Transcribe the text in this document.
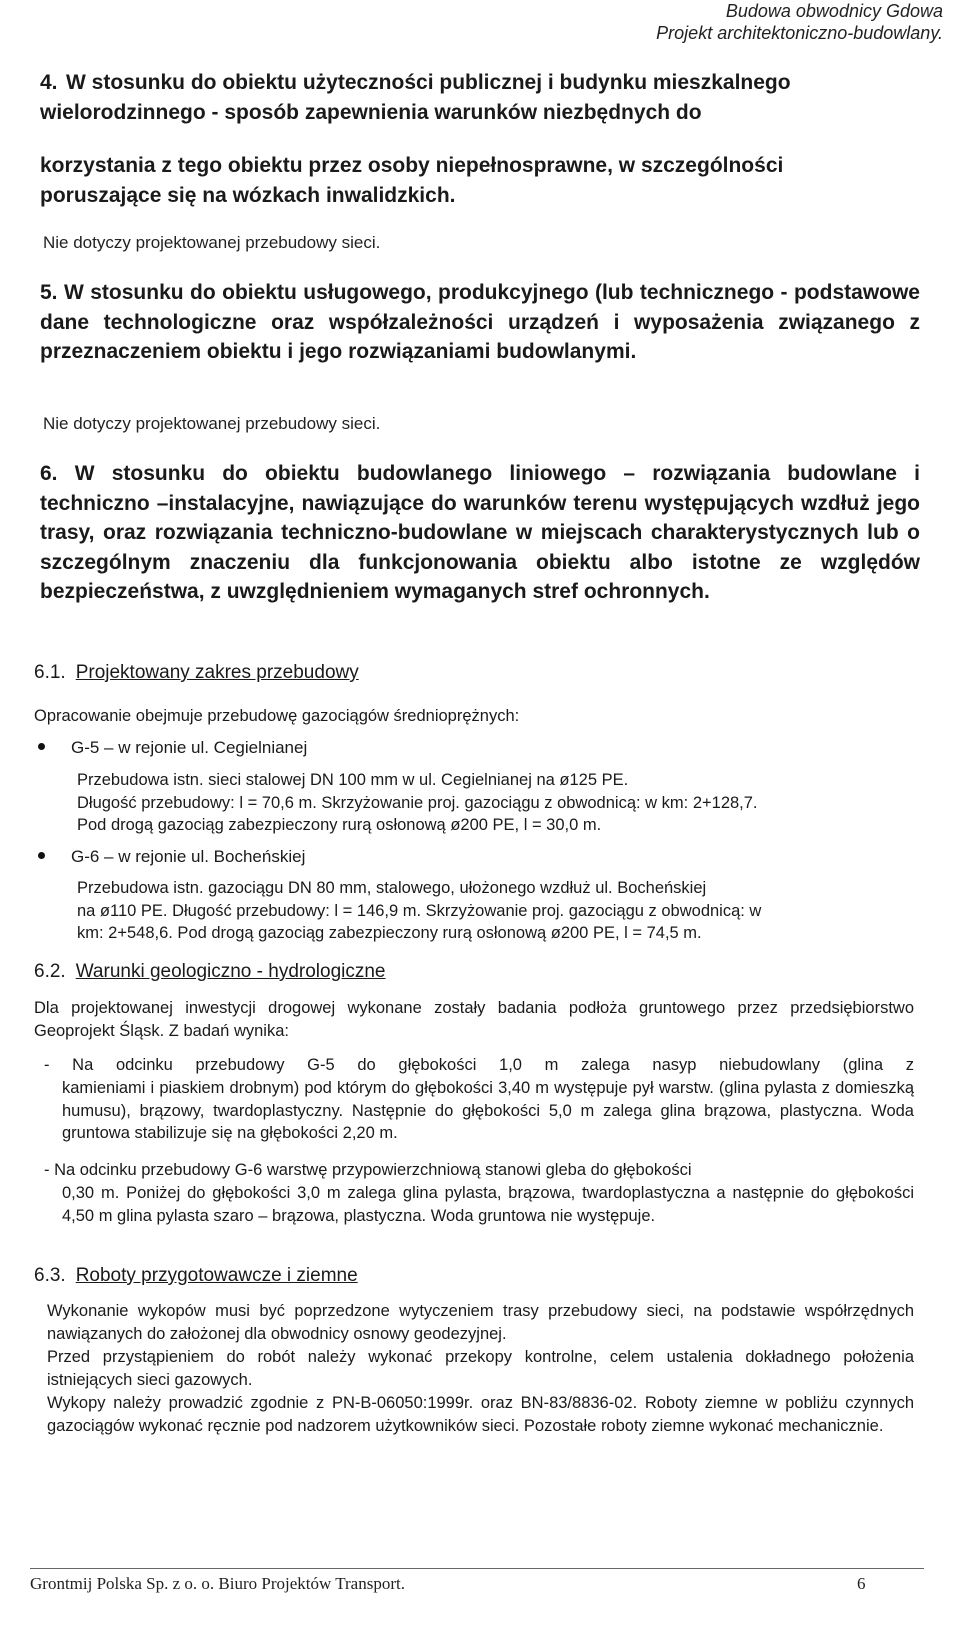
Budowa obwodnicy Gdowa
Projekt architektoniczno-budowlany.
4. W stosunku do obiektu użyteczności publicznej i budynku mieszkalnego
wielorodzinnego - sposób zapewnienia warunków niezbędnych do
korzystania z tego obiektu przez osoby niepełnosprawne, w szczególności
poruszające się na wózkach inwalidzkich.
Nie dotyczy projektowanej przebudowy sieci.
5. W stosunku do obiektu usługowego, produkcyjnego (lub technicznego - podstawowe dane technologiczne oraz współzależności urządzeń i wyposażenia związanego z przeznaczeniem obiektu i jego rozwiązaniami budowlanymi.
Nie dotyczy projektowanej przebudowy sieci.
6. W stosunku do obiektu budowlanego liniowego – rozwiązania budowlane i techniczno –instalacyjne, nawiązujące do warunków terenu występujących wzdłuż jego trasy, oraz rozwiązania techniczno-budowlane w miejscach charakterystycznych lub o szczególnym znaczeniu dla funkcjonowania obiektu albo istotne ze względów bezpieczeństwa, z uwzględnieniem wymaganych stref ochronnych.
6.1. Projektowany zakres przebudowy
Opracowanie obejmuje przebudowę gazociągów średnioprężnych:
G-5 – w rejonie ul. Cegielnianej
Przebudowa istn. sieci stalowej DN 100 mm w ul. Cegielnianej na ø125 PE.
Długość przebudowy: l = 70,6 m. Skrzyżowanie proj. gazociągu z obwodnicą: w km: 2+128,7.
Pod drogą gazociąg zabezpieczony rurą osłonową ø200 PE, l = 30,0 m.
G-6 – w rejonie ul. Bocheńskiej
Przebudowa istn. gazociągu DN 80 mm, stalowego, ułożonego wzdłuż ul. Bocheńskiej
na ø110 PE. Długość przebudowy: l = 146,9 m. Skrzyżowanie proj. gazociągu z obwodnicą: w
km: 2+548,6. Pod drogą gazociąg zabezpieczony rurą osłonową ø200 PE, l = 74,5 m.
6.2. Warunki geologiczno - hydrologiczne
Dla projektowanej inwestycji drogowej wykonane zostały badania podłoża gruntowego przez przedsiębiorstwo Geoprojekt Śląsk. Z badań wynika:
- Na odcinku przebudowy G-5 do głębokości 1,0 m zalega nasyp niebudowlany (glina z
kamieniami i piaskiem drobnym) pod którym do głębokości 3,40 m występuje pył warstw. (glina pylasta z domieszką humusu), brązowy, twardoplastyczny. Następnie do głębokości 5,0 m zalega glina brązowa, plastyczna. Woda gruntowa stabilizuje się na głębokości 2,20 m.
- Na odcinku przebudowy G-6 warstwę przypowierzchniową stanowi gleba do głębokości
0,30 m. Poniżej do głębokości 3,0 m zalega glina pylasta, brązowa, twardoplastyczna a następnie do głębokości 4,50 m glina pylasta szaro – brązowa, plastyczna. Woda gruntowa nie występuje.
6.3. Roboty przygotowawcze i ziemne
Wykonanie wykopów musi być poprzedzone wytyczeniem trasy przebudowy sieci, na podstawie współrzędnych nawiązanych do założonej dla obwodnicy osnowy geodezyjnej.
Przed przystąpieniem do robót należy wykonać przekopy kontrolne, celem ustalenia dokładnego położenia istniejących sieci gazowych.
Wykopy należy prowadzić zgodnie z PN-B-06050:1999r. oraz BN-83/8836-02. Roboty ziemne w pobliżu czynnych gazociągów wykonać ręcznie pod nadzorem użytkowników sieci. Pozostałe roboty ziemne wykonać mechanicznie.
Grontmij Polska Sp. z o. o. Biuro Projektów Transport.	6
